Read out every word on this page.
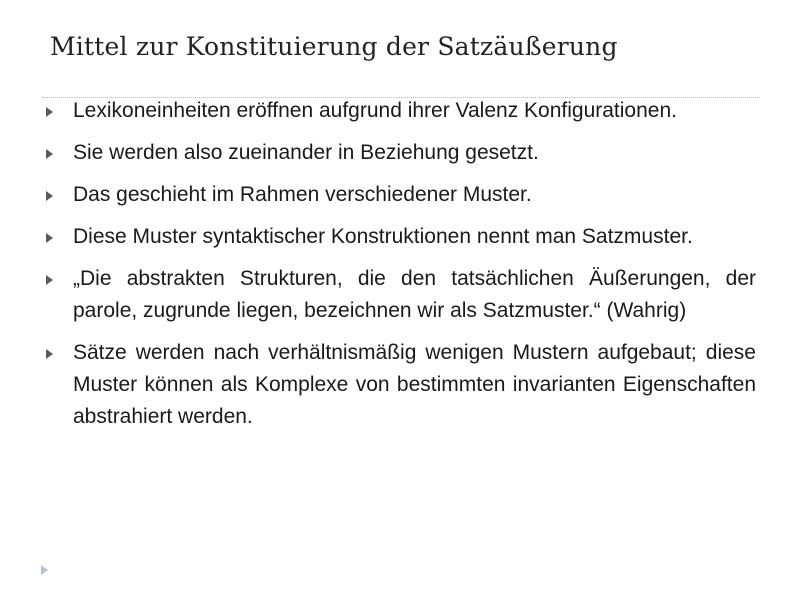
Mittel zur Konstituierung der Satzäußerung
Lexikoneinheiten eröffnen aufgrund ihrer Valenz Konfigurationen.
Sie werden also zueinander in Beziehung gesetzt.
Das geschieht im Rahmen verschiedener Muster.
Diese Muster syntaktischer Konstruktionen nennt man Satzmuster.
„Die abstrakten Strukturen, die den tatsächlichen Äußerungen, der parole, zugrunde liegen, bezeichnen wir als Satzmuster.“ (Wahrig)
Sätze werden nach verhältnismäßig wenigen Mustern aufgebaut; diese Muster können als Komplexe von bestimmten invarianten Eigenschaften abstrahiert werden.
